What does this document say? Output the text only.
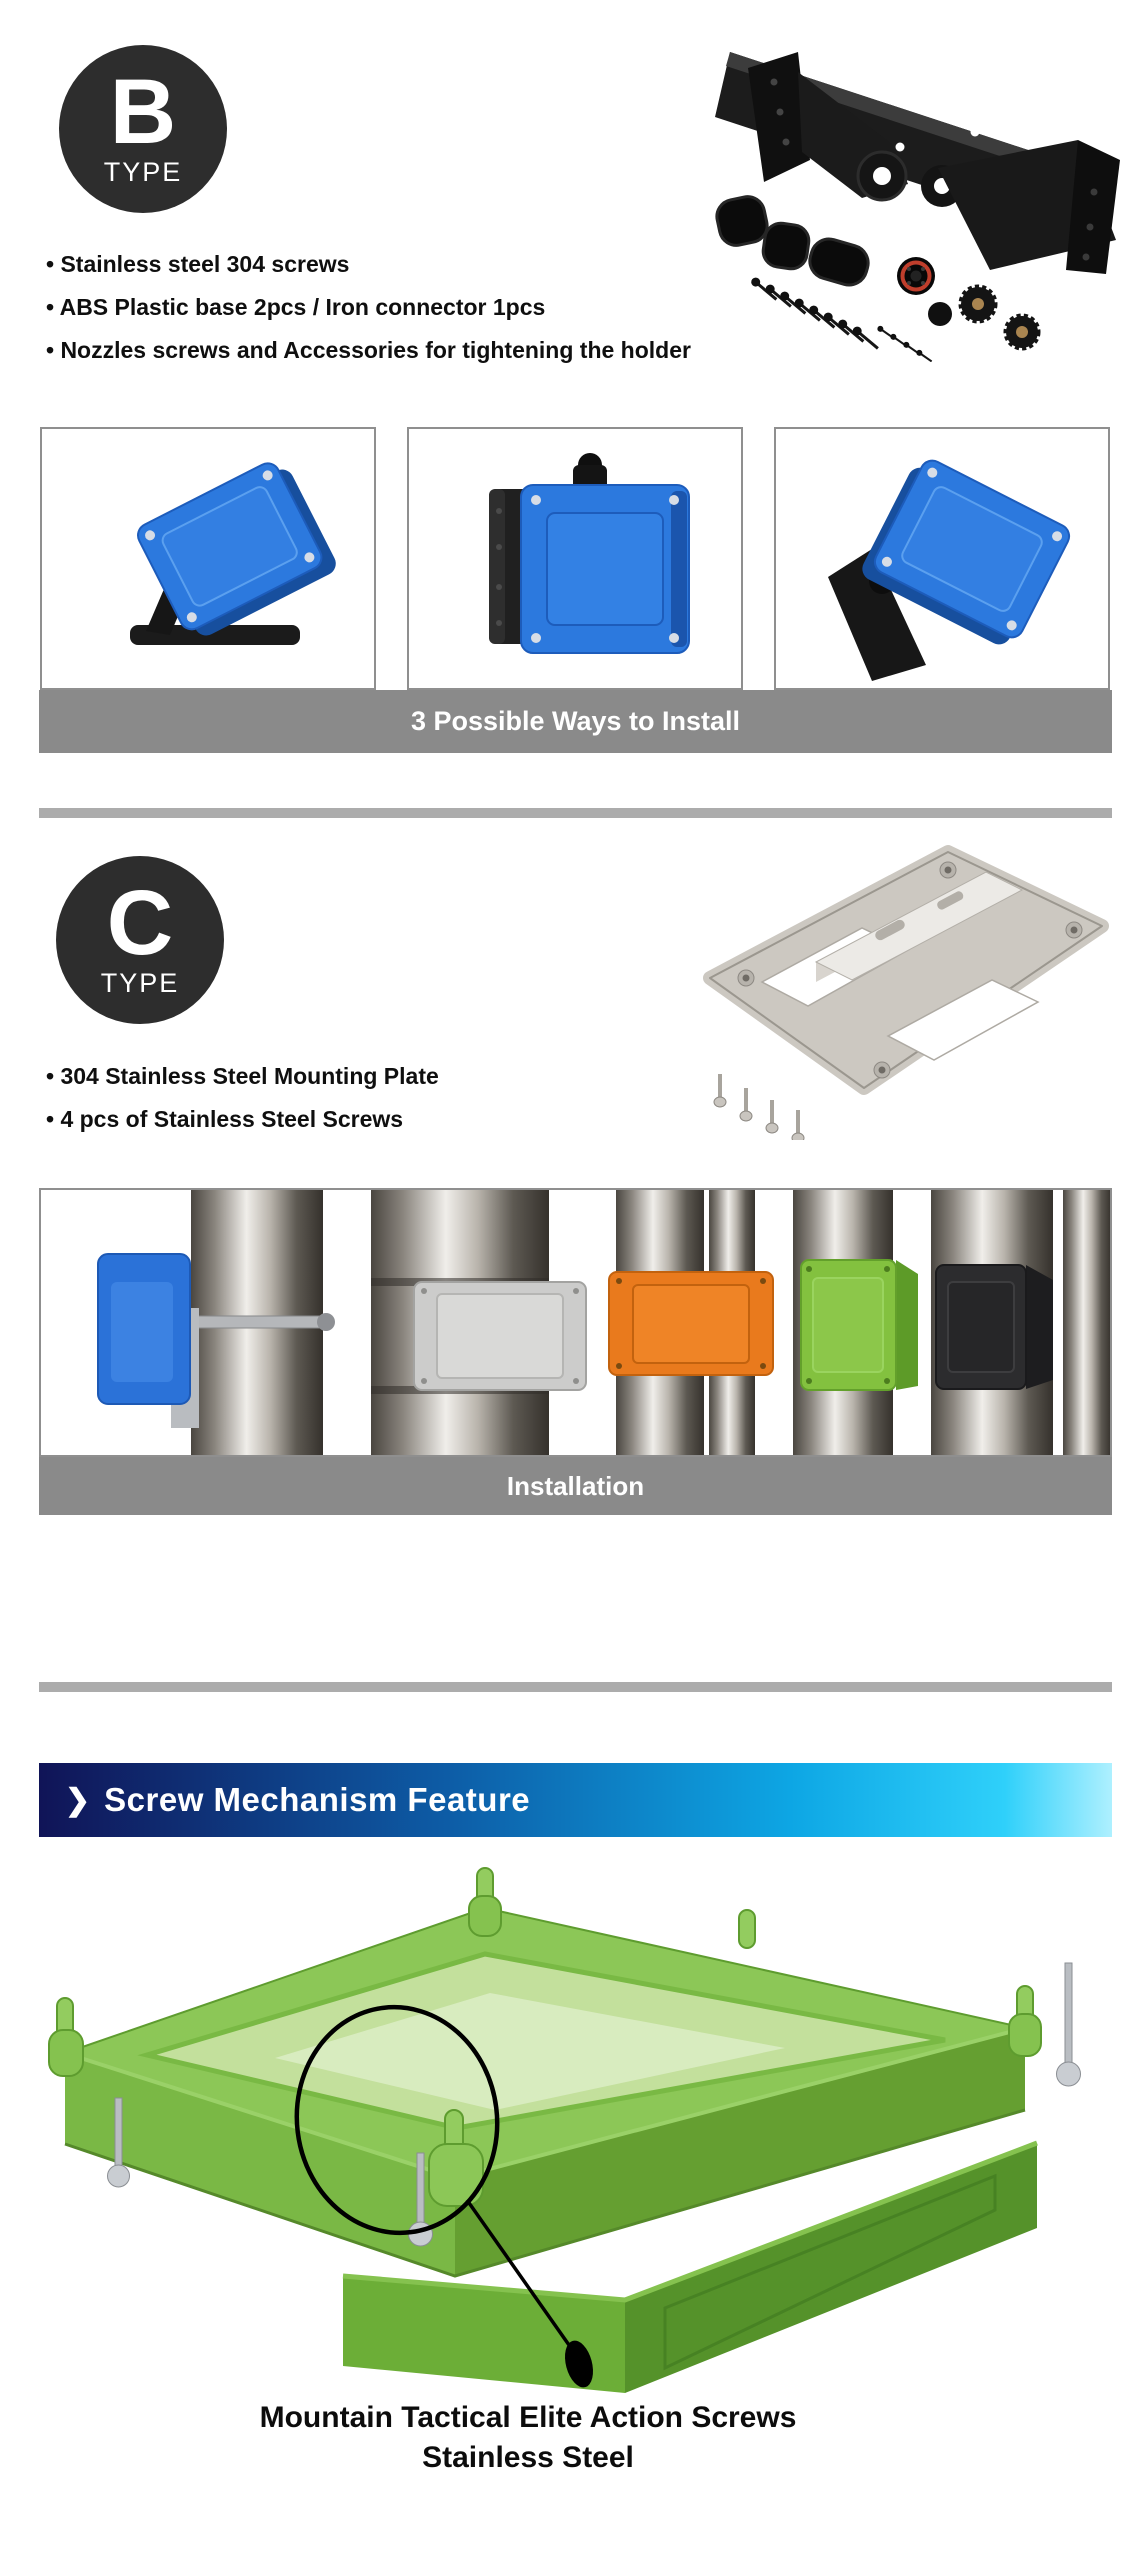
B
TYPE
• Stainless steel 304 screws
• ABS Plastic base 2pcs / Iron connector 1pcs
• Nozzles screws and Accessories for tightening the holder
3 Possible Ways to Install
C
TYPE
• 304 Stainless Steel Mounting Plate
• 4 pcs of Stainless Steel Screws
Installation
❯ Screw Mechanism Feature
Mountain Tactical Elite Action Screws
Stainless Steel
